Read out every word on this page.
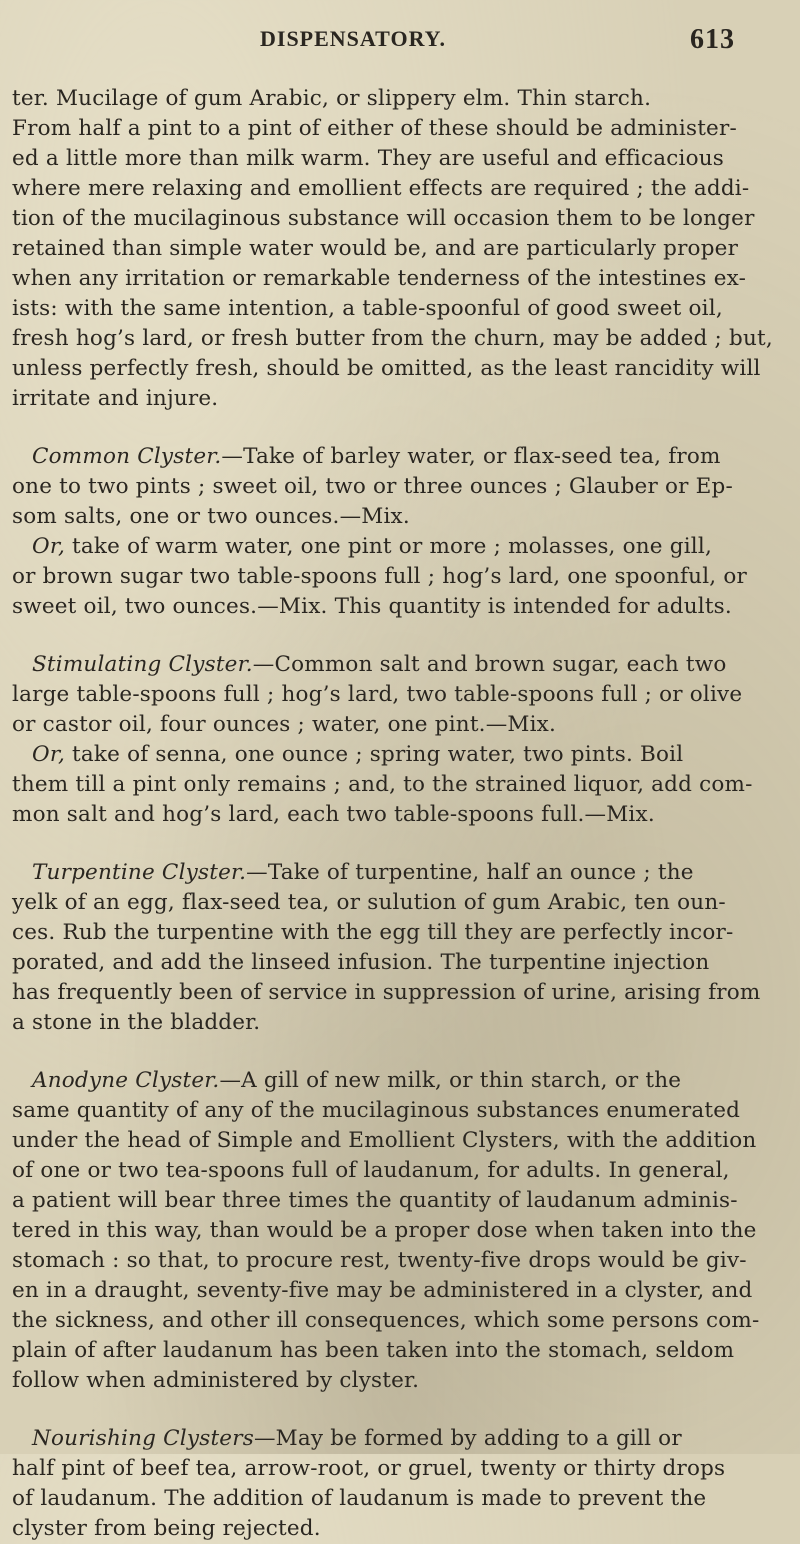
DISPENSATORY.	613
ter. Mucilage of gum Arabic, or slippery elm. Thin starch.
From half a pint to a pint of either of these should be administer-
ed a little more than milk warm. They are useful and efficacious
where mere relaxing and emollient effects are required ; the addi-
tion of the mucilaginous substance will occasion them to be longer
retained than simple water would be, and are particularly proper
when any irritation or remarkable tenderness of the intestines ex-
ists: with the same intention, a table-spoonful of good sweet oil,
fresh hog’s lard, or fresh butter from the churn, may be added ; but,
unless perfectly fresh, should be omitted, as the least rancidity will
irritate and injure.
Common Clyster.—Take of barley water, or flax-seed tea, from
one to two pints ; sweet oil, two or three ounces ; Glauber or Ep-
som salts, one or two ounces.—Mix.
Or, take of warm water, one pint or more ; molasses, one gill,
or brown sugar two table-spoons full ; hog’s lard, one spoonful, or
sweet oil, two ounces.—Mix. This quantity is intended for adults.
Stimulating Clyster.—Common salt and brown sugar, each two
large table-spoons full ; hog’s lard, two table-spoons full ; or olive
or castor oil, four ounces ; water, one pint.—Mix.
Or, take of senna, one ounce ; spring water, two pints. Boil
them till a pint only remains ; and, to the strained liquor, add com-
mon salt and hog’s lard, each two table-spoons full.—Mix.
Turpentine Clyster.—Take of turpentine, half an ounce ; the
yelk of an egg, flax-seed tea, or sulution of gum Arabic, ten oun-
ces. Rub the turpentine with the egg till they are perfectly incor-
porated, and add the linseed infusion. The turpentine injection
has frequently been of service in suppression of urine, arising from
a stone in the bladder.
Anodyne Clyster.—A gill of new milk, or thin starch, or the
same quantity of any of the mucilaginous substances enumerated
under the head of Simple and Emollient Clysters, with the addition
of one or two tea-spoons full of laudanum, for adults. In general,
a patient will bear three times the quantity of laudanum adminis-
tered in this way, than would be a proper dose when taken into the
stomach : so that, to procure rest, twenty-five drops would be giv-
en in a draught, seventy-five may be administered in a clyster, and
the sickness, and other ill consequences, which some persons com-
plain of after laudanum has been taken into the stomach, seldom
follow when administered by clyster.
Nourishing Clysters—May be formed by adding to a gill or
half pint of beef tea, arrow-root, or gruel, twenty or thirty drops
of laudanum. The addition of laudanum is made to prevent the
clyster from being rejected.
